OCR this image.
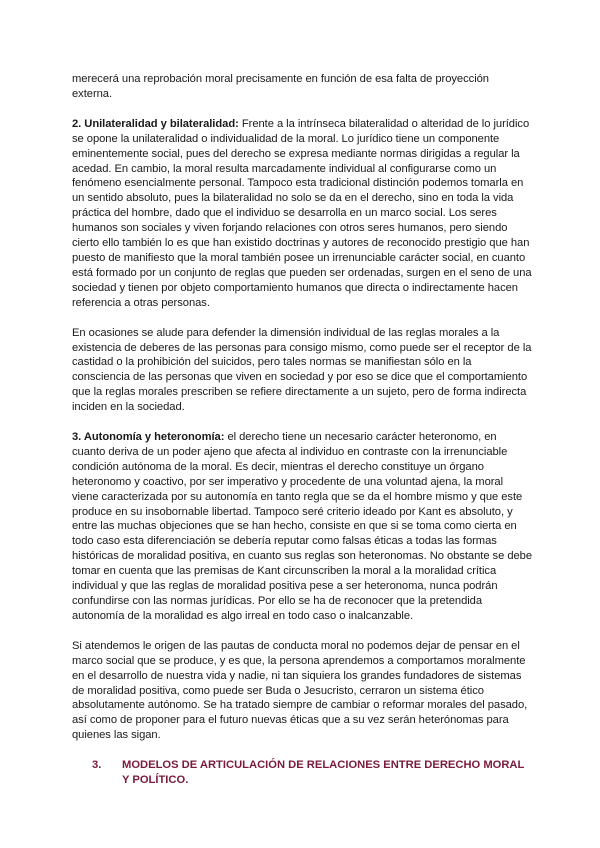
merecerá una reprobación moral precisamente en función de esa falta de proyección externa.

2. Unilateralidad y bilateralidad: Frente a la intrínseca bilateralidad o alteridad de lo jurídico se opone la unilateralidad o individualidad de la moral. Lo jurídico tiene un componente eminentemente social, pues del derecho se expresa mediante normas dirigidas a regular la acedad. En cambio, la moral resulta marcadamente individual al configurarse como un fenómeno esencialmente personal. Tampoco esta tradicional distinción podemos tomarla en un sentido absoluto, pues la bilateralidad no solo se da en el derecho, sino en toda la vida práctica del hombre, dado que el individuo se desarrolla en un marco social. Los seres humanos son sociales y viven forjando relaciones con otros seres humanos, pero siendo cierto ello también lo es que han existido doctrinas y autores de reconocido prestigio que han puesto de manifiesto que la moral también posee un irrenunciable carácter social, en cuanto está formado por un conjunto de reglas que pueden ser ordenadas, surgen en el seno de una sociedad y tienen por objeto comportamiento humanos que directa o indirectamente hacen referencia a otras personas.

En ocasiones se alude para defender la dimensión individual de las reglas morales a la existencia de deberes de las personas para consigo mismo, como puede ser el receptor de la castidad o la prohibición del suicidos, pero tales normas se manifiestan sólo en la consciencia de las personas que viven en sociedad y por eso se dice que el comportamiento que la reglas morales prescriben se refiere directamente a un sujeto, pero de forma indirecta inciden en la sociedad.

3. Autonomía y heteronomía: el derecho tiene un necesario carácter heteronomo, en cuanto deriva de un poder ajeno que afecta al individuo en contraste con la irrenunciable condición autónoma de la moral. Es decir, mientras el derecho constituye un órgano heteronomo y coactivo, por ser imperativo y procedente de una voluntad ajena, la moral viene caracterizada por su autonomía en tanto regla que se da el hombre mismo y que este produce en su insobornable libertad. Tampoco seré criterio ideado por Kant es absoluto, y entre las muchas objeciones que se han hecho, consiste en que si se toma como cierta en todo caso esta diferenciación se debería reputar como falsas éticas a todas las formas históricas de moralidad positiva, en cuanto sus reglas son heteronomas. No obstante se debe tomar en cuenta que las premisas de Kant circunscriben la moral a la moralidad crítica individual y que las reglas de moralidad positiva pese a ser heteronoma, nunca podrán confundirse con las normas jurídicas. Por ello se ha de reconocer que la pretendida autonomía de la moralidad es algo irreal en todo caso o inalcanzable.

Si atendemos le origen de las pautas de conducta moral no podemos dejar de pensar en el marco social que se produce, y es que, la persona aprendemos a comportamos moralmente en el desarrollo de nuestra vida y nadie, ni tan siquiera los grandes fundadores de sistemas de moralidad positiva, como puede ser Buda o Jesucristo, cerraron un sistema ético absolutamente autónomo. Se ha tratado siempre de cambiar o reformar morales del pasado, así como de proponer para el futuro nuevas éticas que a su vez serán heterónomas para quienes las sigan.

3.	MODELOS DE ARTICULACIÓN DE RELACIONES ENTRE DERECHO MORAL Y POLÍTICO.
